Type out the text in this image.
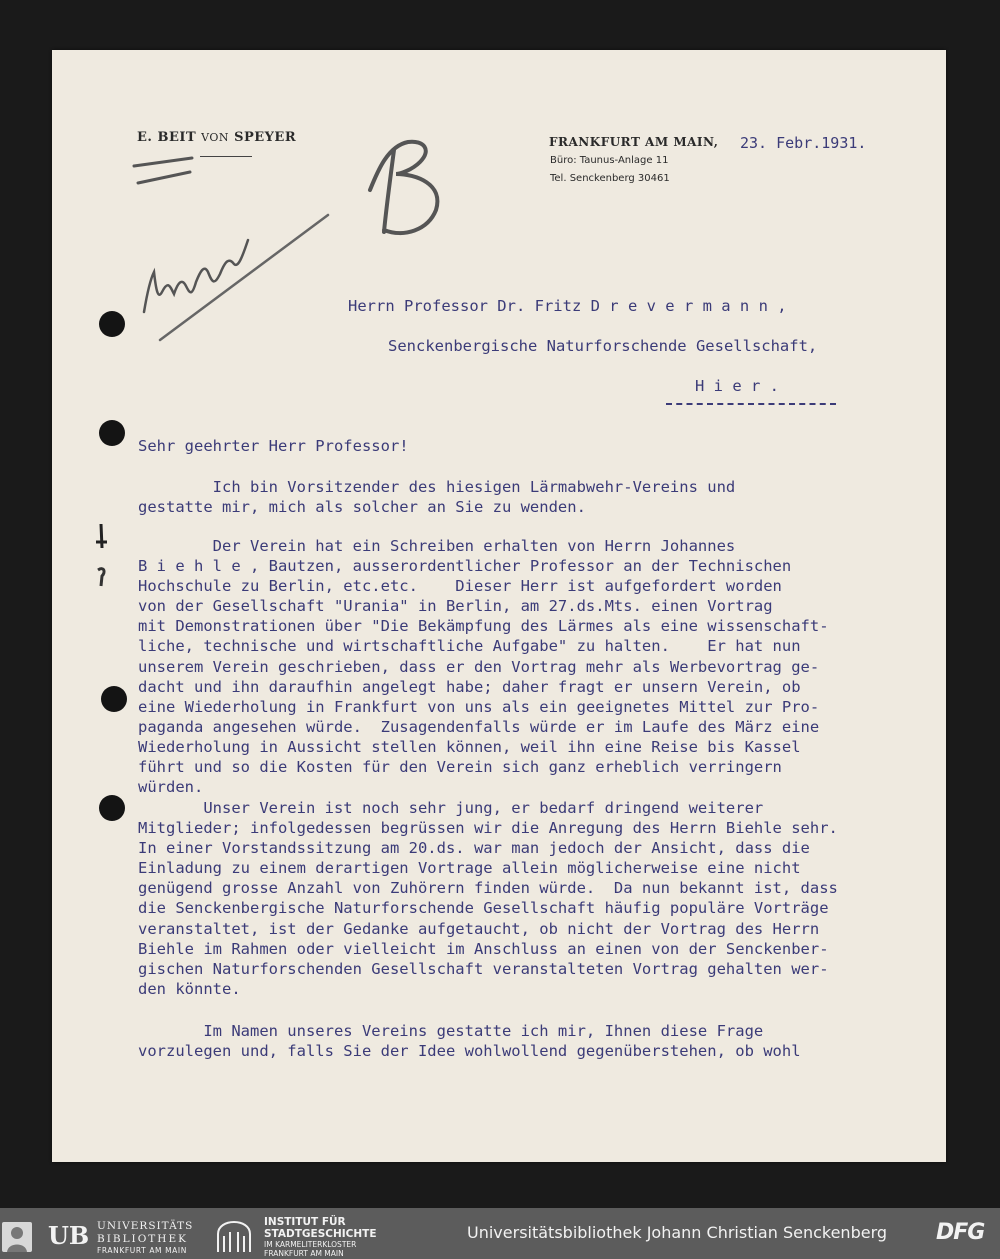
E. BEIT VON SPEYER	FRANKFURT AM MAIN, 23. Febr.1931.
Büro: Taunus-Anlage 11
Tel. Senckenberg 30461
Herrn Professor Dr. Fritz D r e v e r m a n n ,
Senckenbergische Naturforschende Gesellschaft,
H i e r .
Sehr geehrter Herr Professor!
Ich bin Vorsitzender des hiesigen Lärmabwehr-Vereins und
gestatte mir, mich als solcher an Sie zu wenden.
Der Verein hat ein Schreiben erhalten von Herrn Johannes
B i e h l e , Bautzen, ausserordentlicher Professor an der Technischen
Hochschule zu Berlin, etc.etc.    Dieser Herr ist aufgefordert worden
von der Gesellschaft "Urania" in Berlin, am 27.ds.Mts. einen Vortrag
mit Demonstrationen über "Die Bekämpfung des Lärmes als eine wissenschaft-
liche, technische und wirtschaftliche Aufgabe" zu halten.    Er hat nun
unserem Verein geschrieben, dass er den Vortrag mehr als Werbevortrag ge-
dacht und ihn daraufhin angelegt habe; daher fragt er unsern Verein, ob
eine Wiederholung in Frankfurt von uns als ein geeignetes Mittel zur Pro-
paganda angesehen würde.  Zusagendenfalls würde er im Laufe des März eine
Wiederholung in Aussicht stellen können, weil ihn eine Reise bis Kassel
führt und so die Kosten für den Verein sich ganz erheblich verringern
würden.
Unser Verein ist noch sehr jung, er bedarf dringend weiterer
Mitglieder; infolgedessen begrüssen wir die Anregung des Herrn Biehle sehr.
In einer Vorstandssitzung am 20.ds. war man jedoch der Ansicht, dass die
Einladung zu einem derartigen Vortrage allein möglicherweise eine nicht
genügend grosse Anzahl von Zuhörern finden würde.  Da nun bekannt ist, dass
die Senckenbergische Naturforschende Gesellschaft häufig populäre Vorträge
veranstaltet, ist der Gedanke aufgetaucht, ob nicht der Vortrag des Herrn
Biehle im Rahmen oder vielleicht im Anschluss an einen von der Senckenber-
gischen Naturforschenden Gesellschaft veranstalteten Vortrag gehalten wer-
den könnte.
Im Namen unseres Vereins gestatte ich mir, Ihnen diese Frage
vorzulegen und, falls Sie der Idee wohlwollend gegenüberstehen, ob wohl
UB UNIVERSITÄTS
BIBLIOTHEK
FRANKFURT AM MAIN
INSTITUT FÜR
STADTGESCHICHTE
IM KARMELITERKLOSTER
FRANKFURT AM MAIN
Universitätsbibliothek Johann Christian Senckenberg DFG
